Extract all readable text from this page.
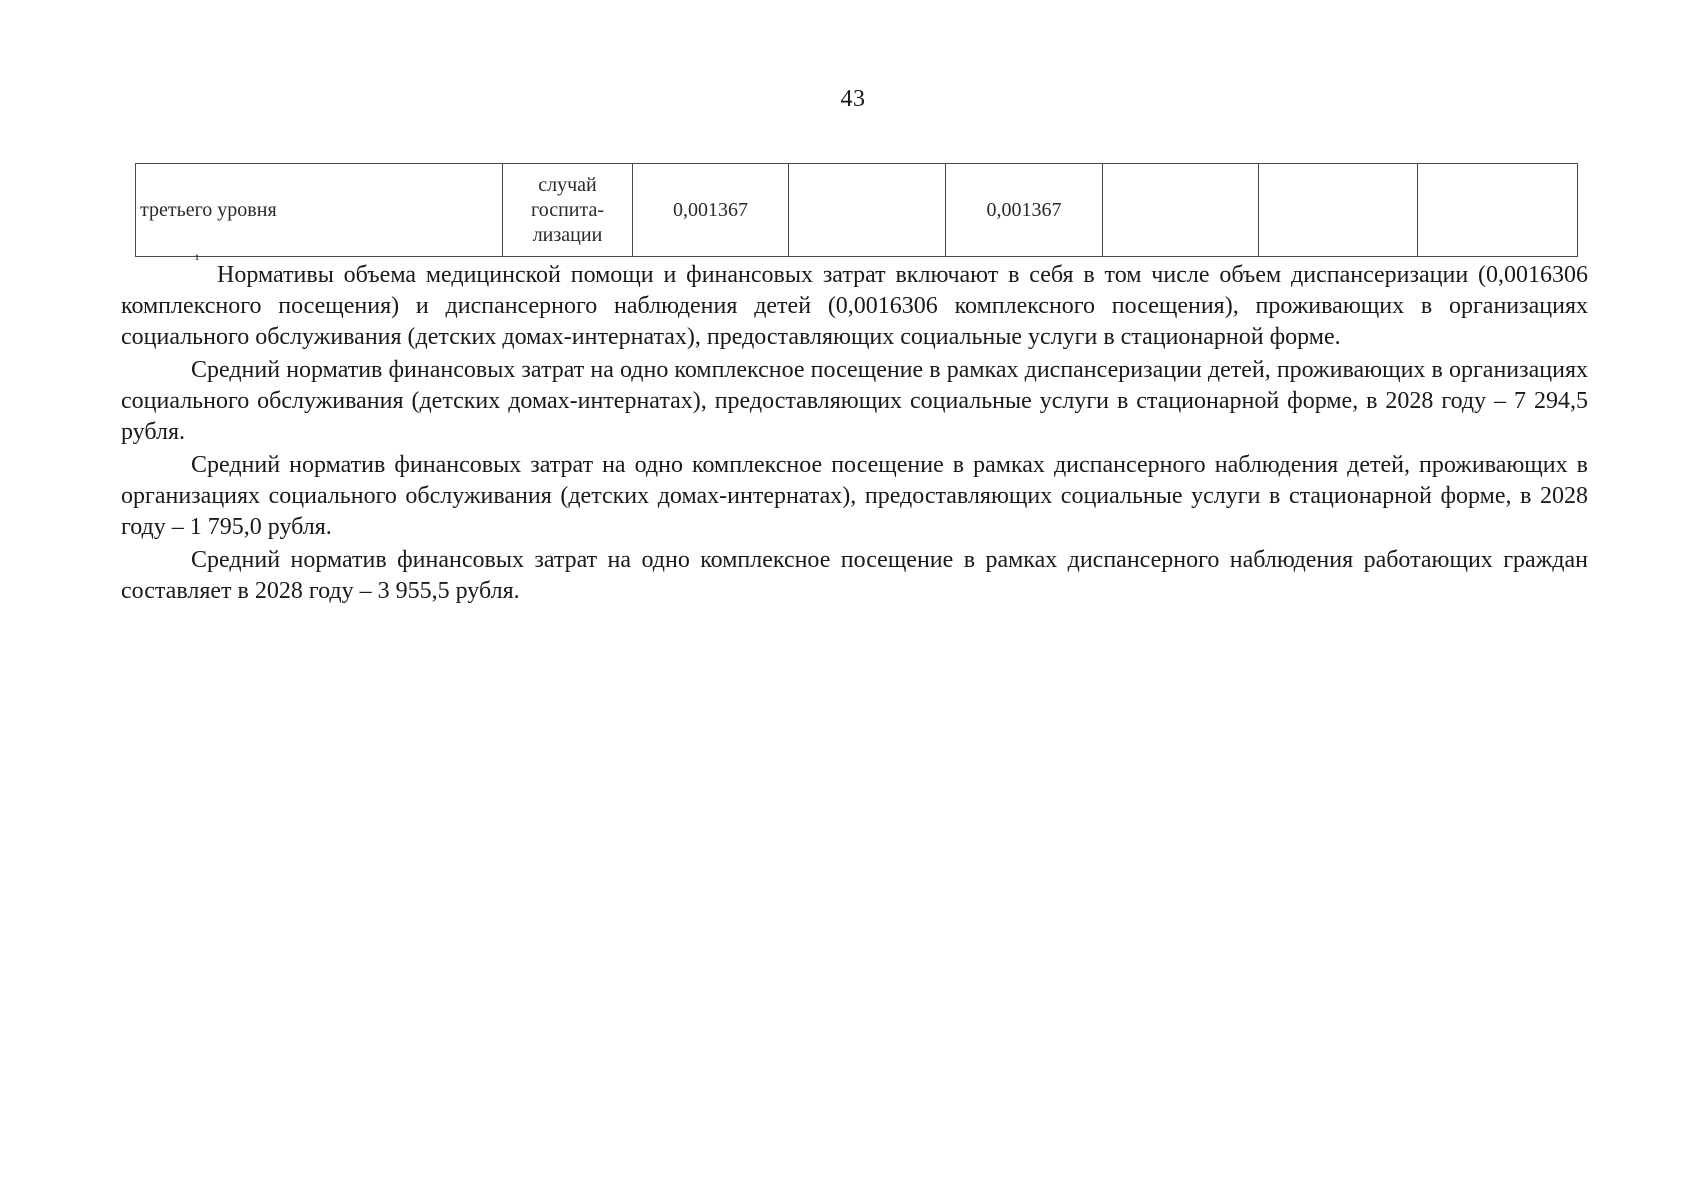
43
третьего уровня	случай
госпита-
лизации	0,001367		0,001367			
¹

Нормативы объема медицинской помощи и финансовых затрат включают в себя в том числе объем диспансеризации (0,0016306 комплексного посещения) и диспансерного наблюдения детей (0,0016306 комплексного посещения), проживающих в организациях социального обслуживания (детских домах-интернатах), предоставляющих социальные услуги в стационарной форме.

Средний норматив финансовых затрат на одно комплексное посещение в рамках диспансеризации детей, проживающих в организациях социального обслуживания (детских домах-интернатах), предоставляющих социальные услуги в стационарной форме, в 2028 году – 7 294,5 рубля.

Средний норматив финансовых затрат на одно комплексное посещение в рамках диспансерного наблюдения детей, проживающих в организациях социального обслуживания (детских домах-интернатах), предоставляющих социальные услуги в стационарной форме, в 2028 году – 1 795,0 рубля.

Средний норматив финансовых затрат на одно комплексное посещение в рамках диспансерного наблюдения работающих граждан составляет в 2028 году – 3 955,5 рубля.
